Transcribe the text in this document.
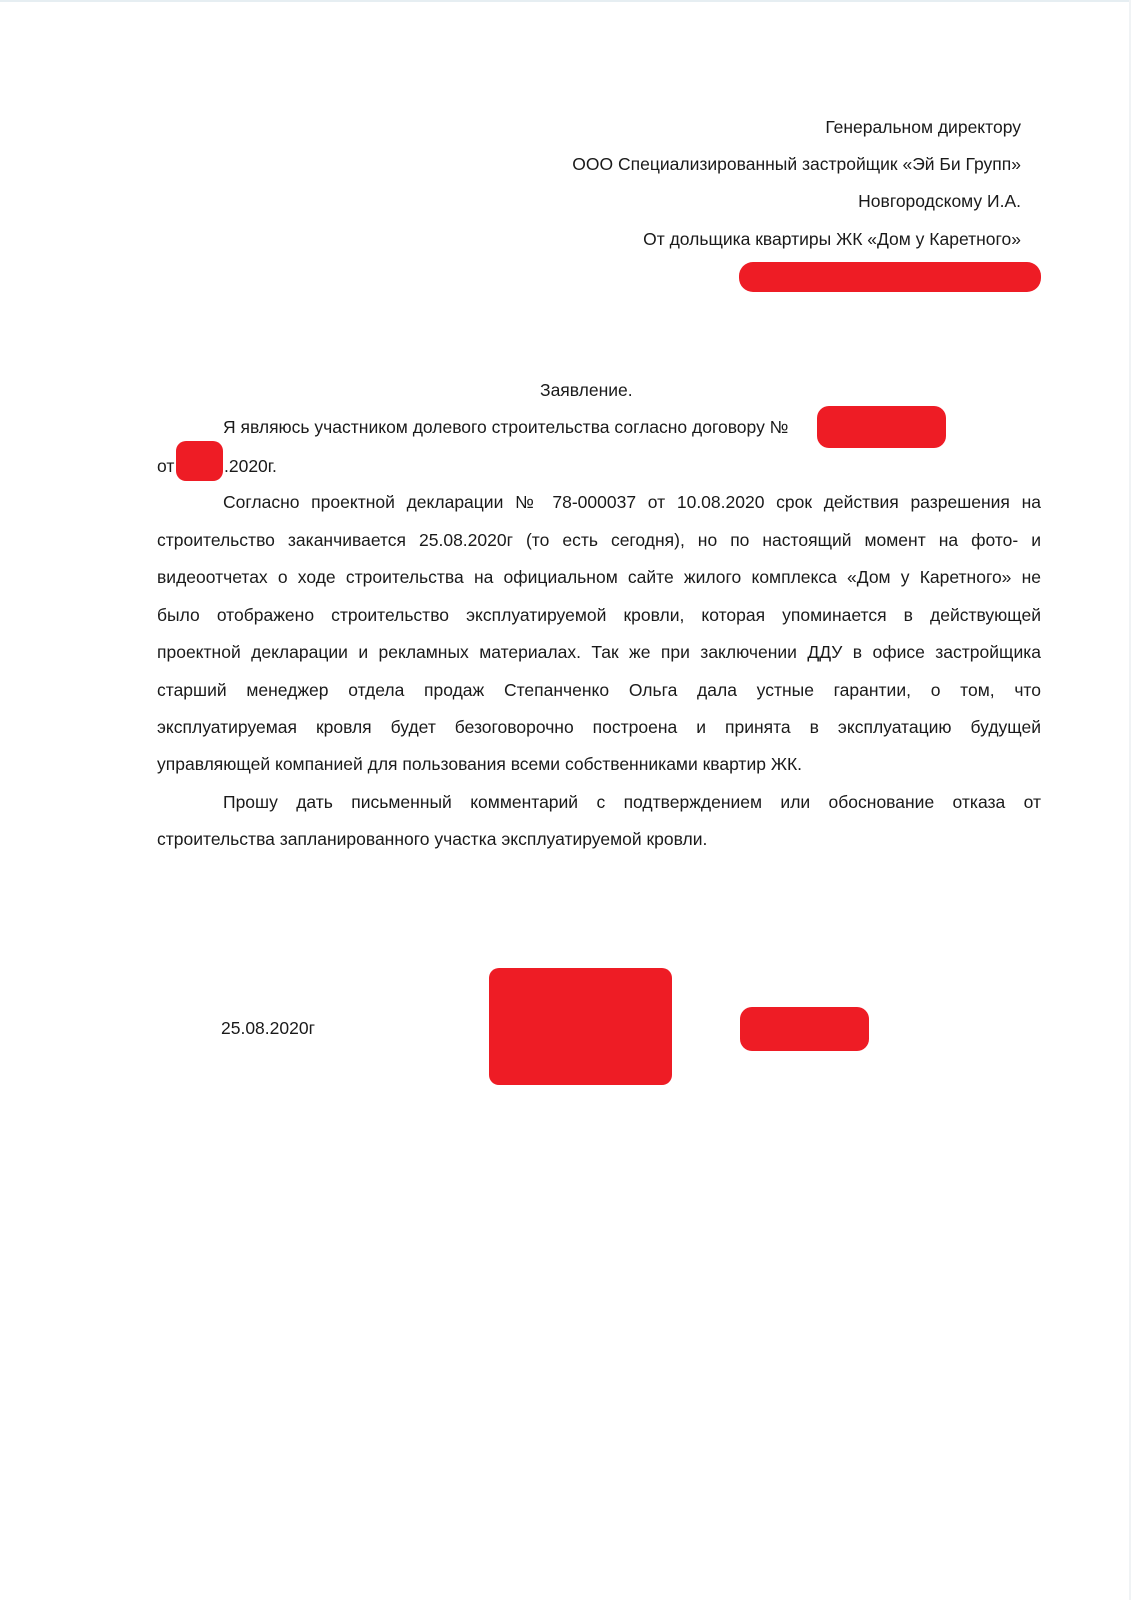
Генеральном директору
ООО Специализированный застройщик «Эй Би Групп»
Новгородскому И.А.
От дольщика квартиры ЖК «Дом у Каретного»
Заявление.
Я являюсь участником долевого строительства согласно договору №
от	.2020г.
Согласно проектной декларации № 78-000037 от 10.08.2020 срок действия разрешения на
строительство заканчивается 25.08.2020г (то есть сегодня), но по настоящий момент на фото- и
видеоотчетах о ходе строительства на официальном сайте жилого комплекса «Дом у Каретного» не
было отображено строительство эксплуатируемой кровли, которая упоминается в действующей
проектной декларации и рекламных материалах. Так же при заключении ДДУ в офисе застройщика
старший менеджер отдела продаж Степанченко Ольга дала устные гарантии, о том, что
эксплуатируемая кровля будет безоговорочно построена и принята в эксплуатацию будущей
управляющей компанией для пользования всеми собственниками квартир ЖК.
Прошу дать письменный комментарий с подтверждением или обоснование отказа от
строительства запланированного участка эксплуатируемой кровли.
25.08.2020г
